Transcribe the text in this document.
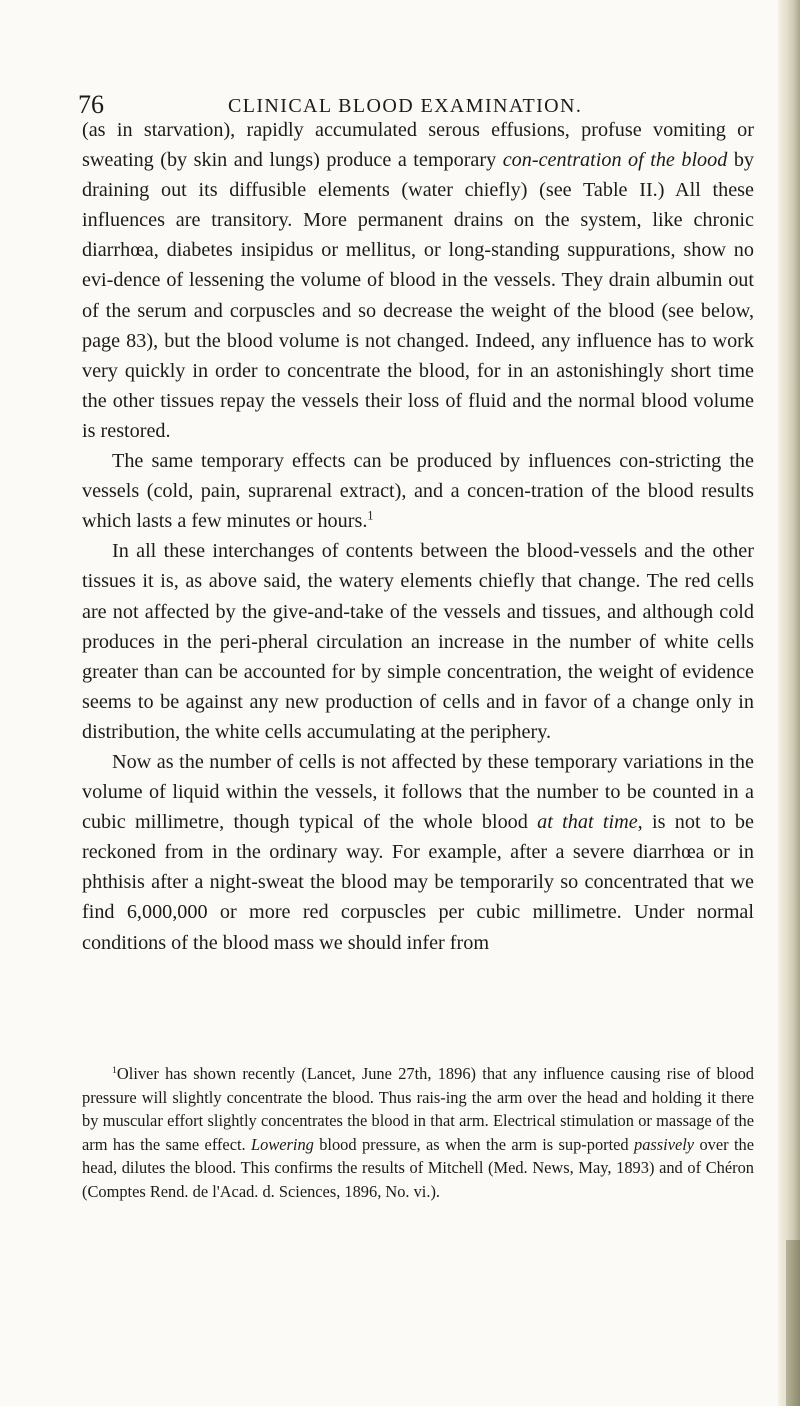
76	CLINICAL BLOOD EXAMINATION.

(as in starvation), rapidly accumulated serous effusions, profuse vomiting or sweating (by skin and lungs) produce a temporary con-centration of the blood by draining out its diffusible elements (water chiefly) (see Table II.) All these influences are transitory. More permanent drains on the system, like chronic diarrhœa, diabetes insipidus or mellitus, or long-standing suppurations, show no evi-dence of lessening the volume of blood in the vessels. They drain albumin out of the serum and corpuscles and so decrease the weight of the blood (see below, page 83), but the blood volume is not changed. Indeed, any influence has to work very quickly in order to concentrate the blood, for in an astonishingly short time the other tissues repay the vessels their loss of fluid and the normal blood volume is restored.

The same temporary effects can be produced by influences con-stricting the vessels (cold, pain, suprarenal extract), and a concen-tration of the blood results which lasts a few minutes or hours.$^1$

In all these interchanges of contents between the blood-vessels and the other tissues it is, as above said, the watery elements chiefly that change. The red cells are not affected by the give-and-take of the vessels and tissues, and although cold produces in the peri-pheral circulation an increase in the number of white cells greater than can be accounted for by simple concentration, the weight of evidence seems to be against any new production of cells and in favor of a change only in distribution, the white cells accumulating at the periphery.

Now as the number of cells is not affected by these temporary variations in the volume of liquid within the vessels, it follows that the number to be counted in a cubic millimetre, though typical of the whole blood at that time, is not to be reckoned from in the ordinary way. For example, after a severe diarrhœa or in phthisis after a night-sweat the blood may be temporarily so concentrated that we find 6,000,000 or more red corpuscles per cubic millimetre. Under normal conditions of the blood mass we should infer from

$^1$Oliver has shown recently (Lancet, June 27th, 1896) that any influence causing rise of blood pressure will slightly concentrate the blood. Thus rais-ing the arm over the head and holding it there by muscular effort slightly concentrates the blood in that arm. Electrical stimulation or massage of the arm has the same effect. Lowering blood pressure, as when the arm is sup-ported passively over the head, dilutes the blood. This confirms the results of Mitchell (Med. News, May, 1893) and of Chéron (Comptes Rend. de l'Acad. d. Sciences, 1896, No. vi.).
